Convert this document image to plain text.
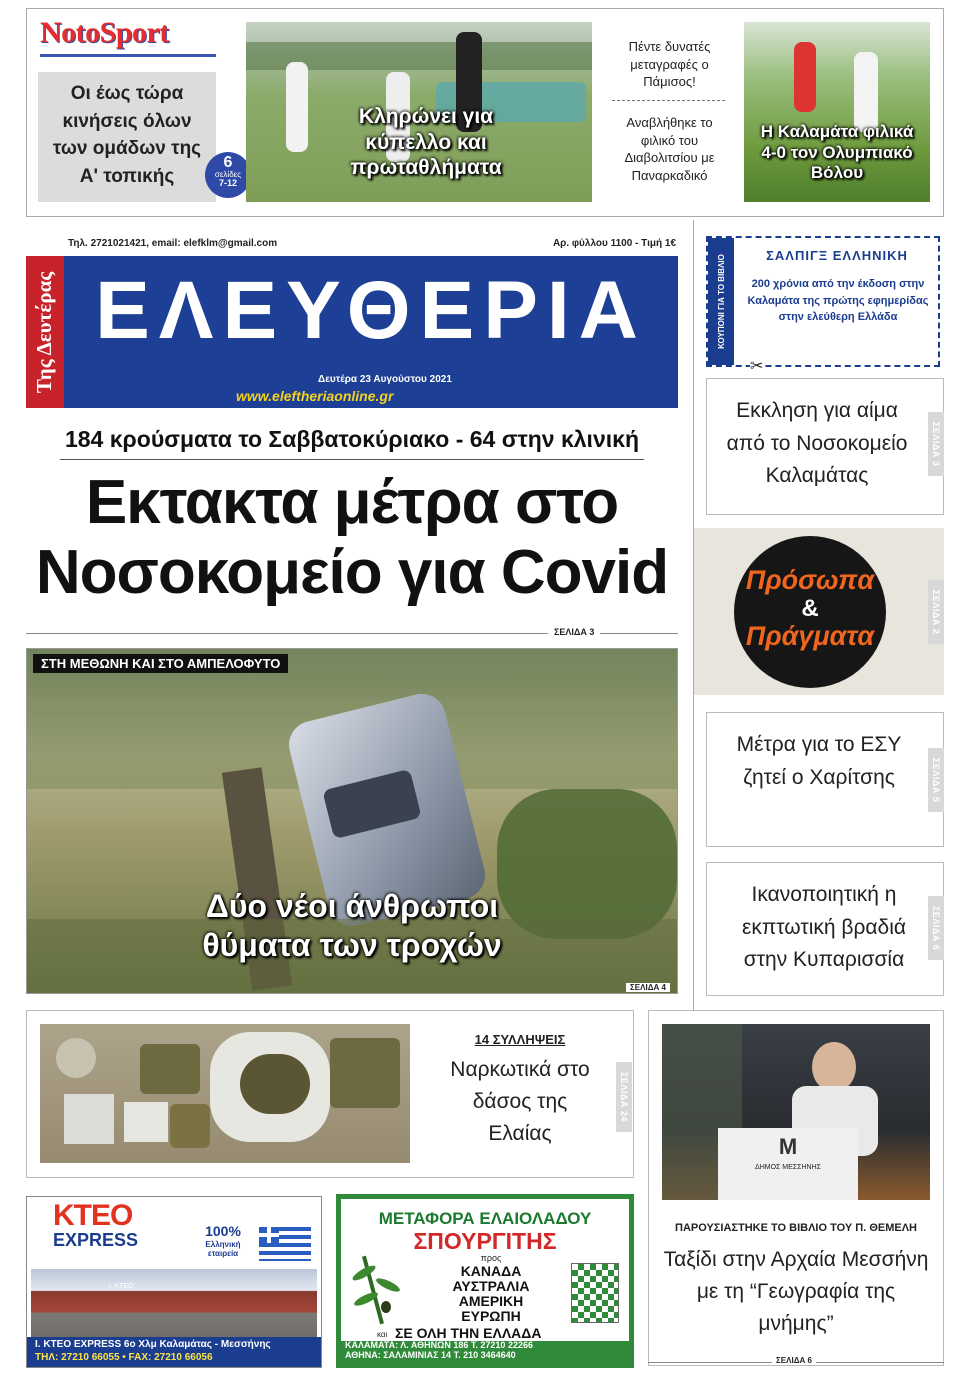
NotoSport
Οι έως τώρα κινήσεις όλων των ομάδων της Α' τοπικής
6
σελίδες
7-12
Κληρώνει για κύπελλο και πρωταθλήματα
Πέντε δυνατές μεταγραφές ο Πάμισος!
Αναβλήθηκε το φιλικό του Διαβολιτσίου με Παναρκαδικό
Η Καλαμάτα φιλικά 4-0 τον Ολυμπιακό Βόλου
Τηλ. 2721021421, email: elefklm@gmail.com	Αρ. φύλλου 1100 - Τιμή 1€
Της Δευτέρας ΕΛΕΥΘΕΡΙΑ
Δευτέρα 23 Αυγούστου 2021
www.eleftheriaonline.gr
ΚΟΥΠΟΝΙ ΓΙΑ ΤΟ ΒΙΒΛΙΟ	ΣΑΛΠΙΓΞ ΕΛΛΗΝΙΚΗ
200 χρόνια από την έκδοση στην Καλαμάτα της πρώτης εφημερίδας στην ελεύθερη Ελλάδα
✂
184 κρούσματα το Σαββατοκύριακο - 64 στην κλινική
Εκτακτα μέτρα στο
Νοσοκομείο για Covid
ΣΕΛΙΔΑ 3
ΣΤΗ ΜΕΘΩΝΗ ΚΑΙ ΣΤΟ ΑΜΠΕΛΟΦΥΤΟ
Δύο νέοι άνθρωποι
θύματα των τροχών
ΣΕΛΙΔΑ 4
Εκκληση για αίμα από το Νοσοκομείο Καλαμάτας
ΣΕΛΙΔΑ 3
Πρόσωπα
&
Πράγματα
ΣΕΛΙΔΑ 2
Μέτρα για το ΕΣΥ ζητεί ο Χαρίτσης	ΣΕΛΙΔΑ 5
Ικανοποιητική η εκπτωτική βραδιά στην Κυπαρισσία
ΣΕΛΙΔΑ 6
14 ΣΥΛΛΗΨΕΙΣ
Ναρκωτικά στο δάσος της Ελαίας
ΣΕΛΙΔΑ 24
ΔΗΜΟΣ ΜΕΣΣΗΝΗΣ
M
ΠΑΡΟΥΣΙΑΣΤΗΚΕ ΤΟ ΒΙΒΛΙΟ ΤΟΥ Π. ΘΕΜΕΛΗ
Ταξίδι στην Αρχαία Μεσσήνη με τη “Γεωγραφία της μνήμης”
ΣΕΛΙΔΑ 6
ΚΤΕΟ
EXPRESS	100%
Ελληνική εταιρεία
Ι. ΚΤΕΟ
Ι. ΚΤΕΟ EXPRESS 6ο Χλμ Καλαμάτας - Μεσσήνης
ΤΗΛ: 27210 66055 • FAX: 27210 66056
ΜΕΤΑΦΟΡΑ ΕΛΑΙΟΛΑΔΟΥ
ΣΠΟΥΡΓΙΤΗΣ
προς
ΚΑΝΑΔΑ
ΑΥΣΤΡΑΛΙΑ
ΑΜΕΡΙΚΗ
ΕΥΡΩΠΗ
και ΣΕ ΟΛΗ ΤΗΝ ΕΛΛΑΔΑ
ΚΑΛΑΜΑΤΑ: Λ. ΑΘΗΝΩΝ 186 Τ. 27210 22266
ΑΘΗΝΑ: ΣΑΛΑΜΙΝΙΑΣ 14 Τ. 210 3464640
